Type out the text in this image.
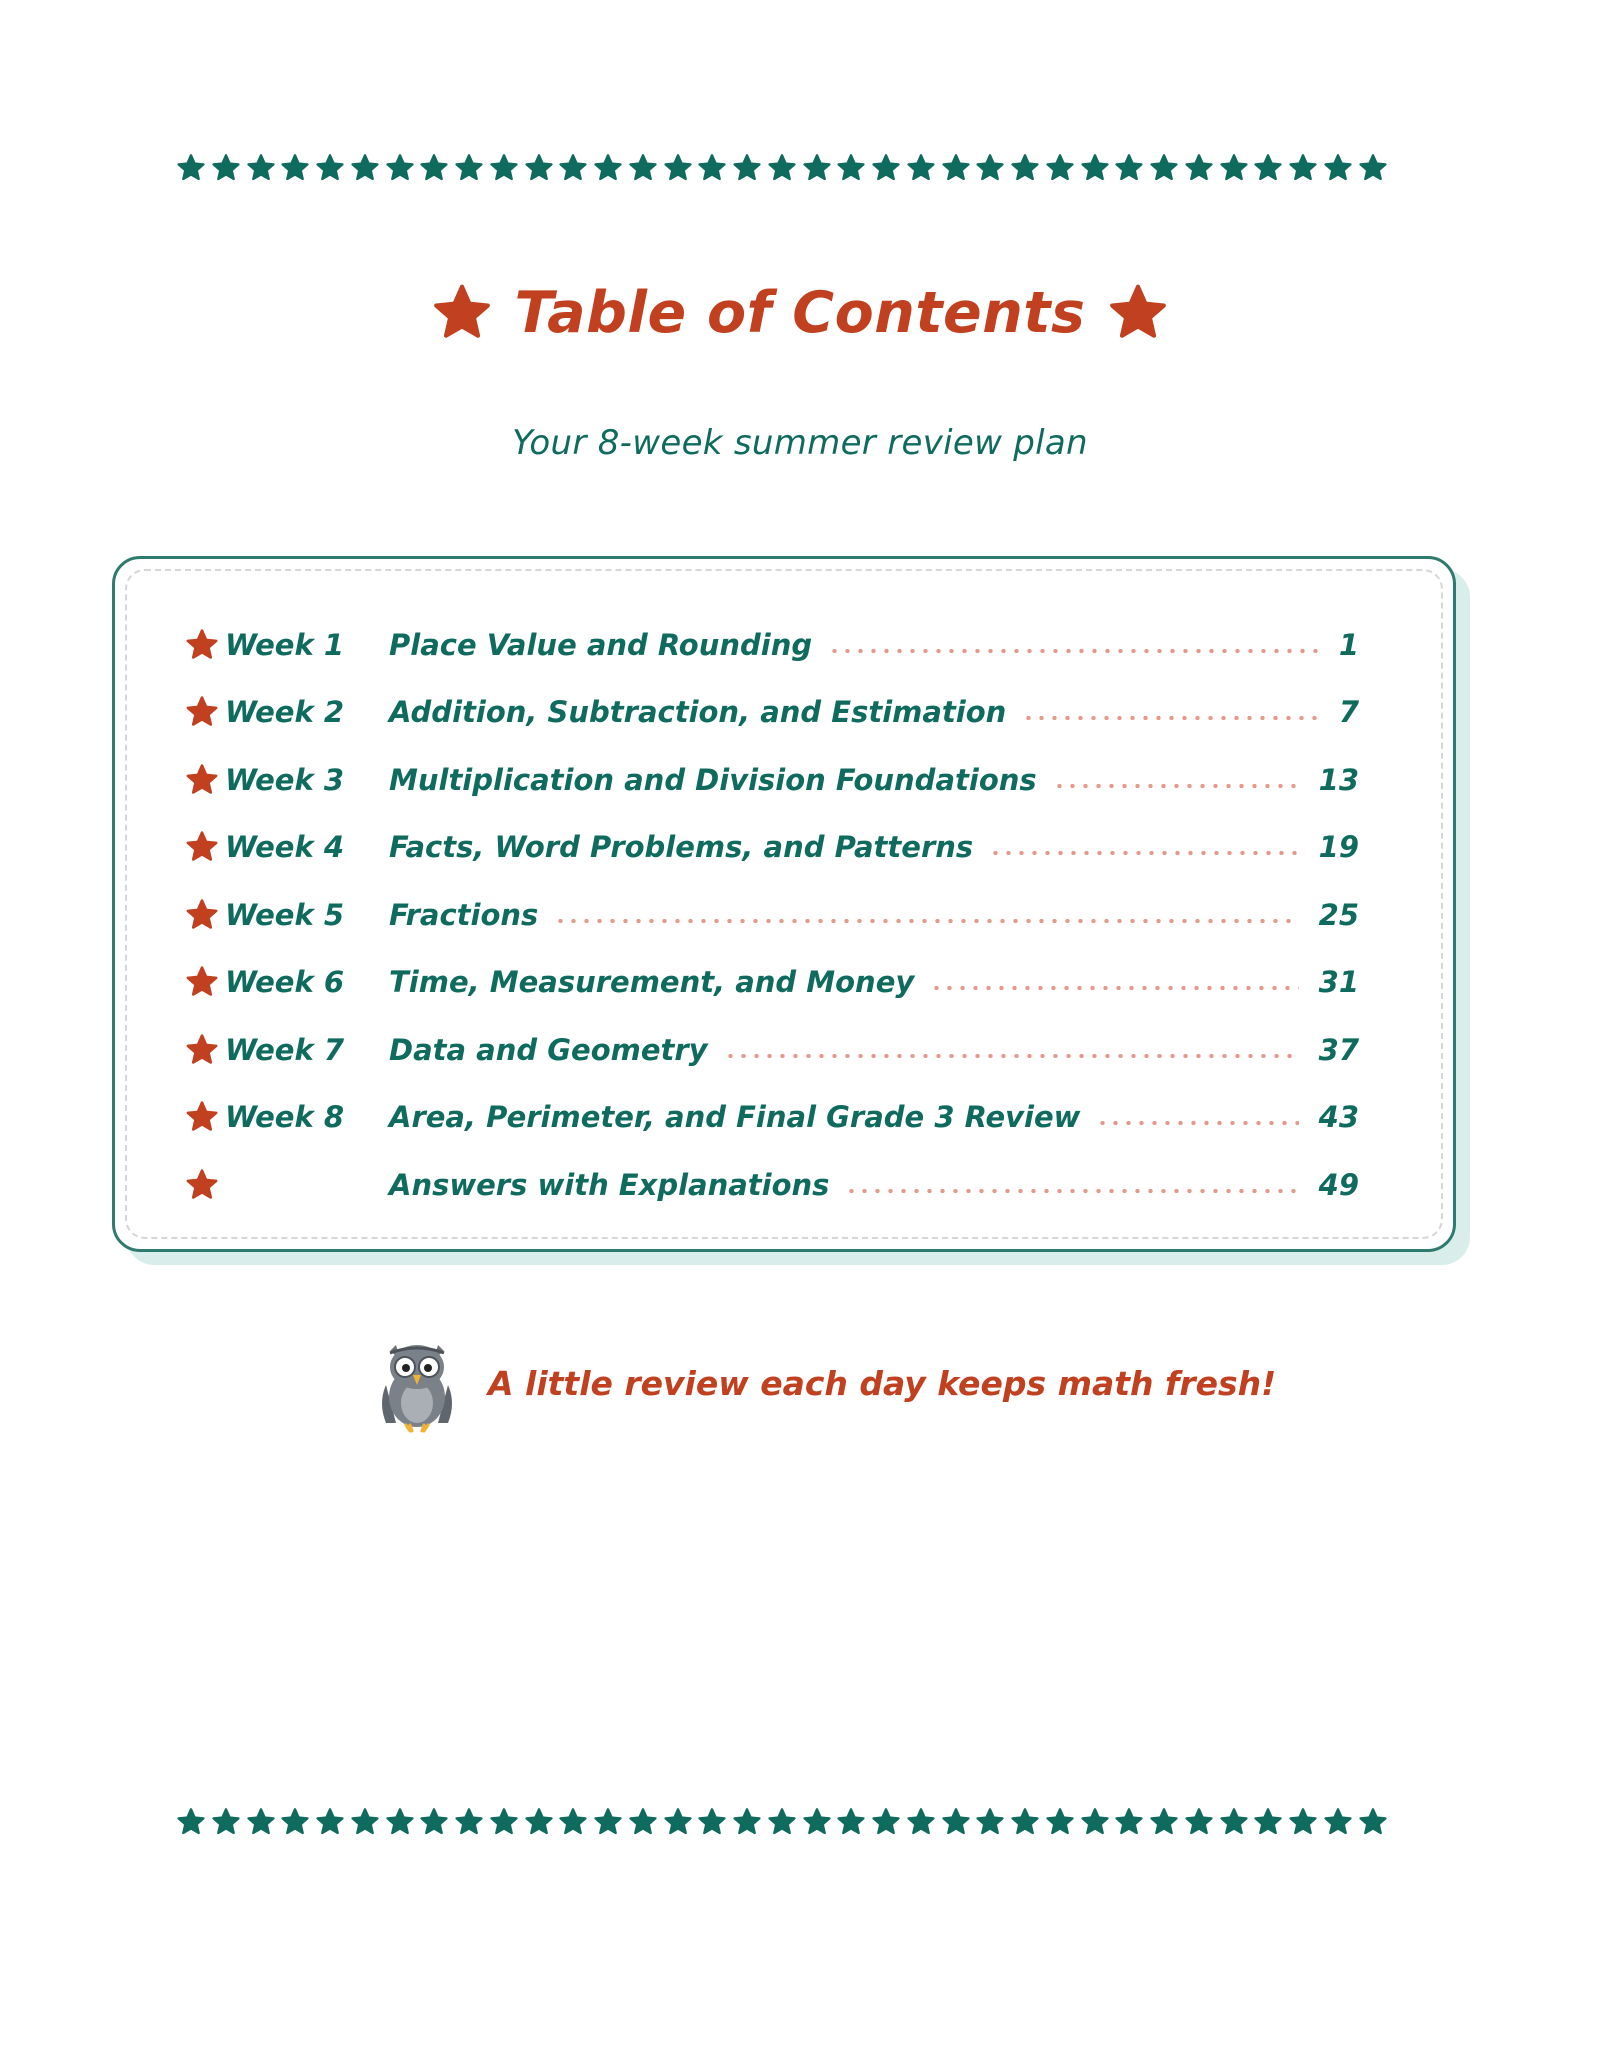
Table of Contents
Your 8-week summer review plan
Week 1	Place Value and Rounding	1
Week 2	Addition, Subtraction, and Estimation	7
Week 3	Multiplication and Division Foundations	13
Week 4	Facts, Word Problems, and Patterns	19
Week 5	Fractions	25
Week 6	Time, Measurement, and Money	31
Week 7	Data and Geometry	37
Week 8	Area, Perimeter, and Final Grade 3 Review	43
Answers with Explanations	49
A little review each day keeps math fresh!
